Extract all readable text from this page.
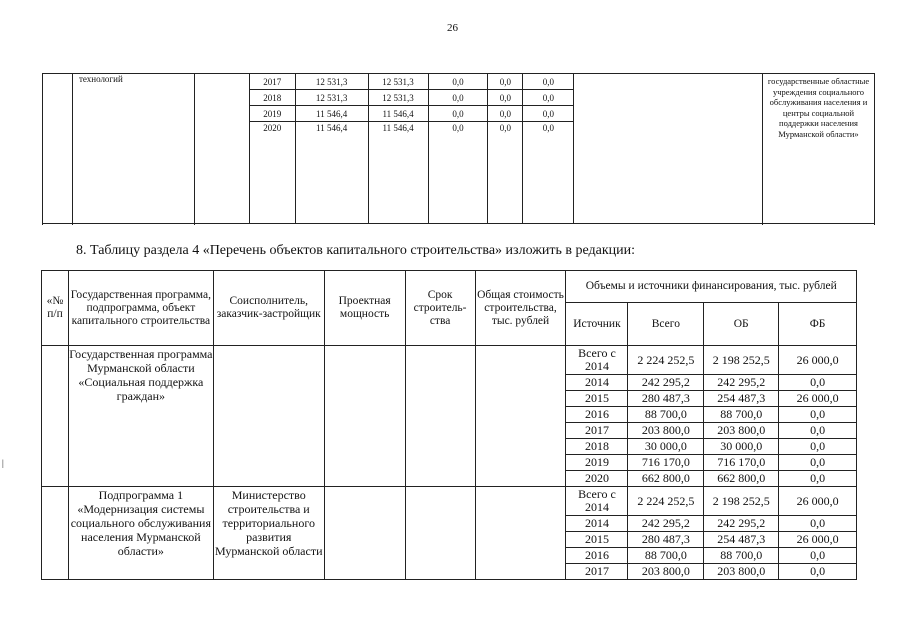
26
	технологий		2017	12 531,3	12 531,3	0,0	0,0	0,0		государственные областные учреждения социального обслуживания населения и центры социальной поддержки населения Мурманской области»
			2018	12 531,3	12 531,3	0,0	0,0	0,0		
			2019	11 546,4	11 546,4	0,0	0,0	0,0		
			2020	11 546,4	11 546,4	0,0	0,0	0,0		

8. Таблицу раздела 4 «Перечень объектов капитального строительства» изложить в редакции:
«№ п/п	Государственная программа, подпрограмма, объект капитального строительства	Соисполнитель, заказчик-застройщик	Проектная мощность	Срок строитель-ства	Общая стоимость строительства, тыс. рублей	Объемы и источники финансирования, тыс. рублей			
						Источник	Всего	ОБ	ФБ
	Государственная программа Мурманской области «Социальная поддержка граждан»					Всего с 2014	2 224 252,5	2 198 252,5	26 000,0
						2014	242 295,2	242 295,2	0,0
						2015	280 487,3	254 487,3	26 000,0
						2016	88 700,0	88 700,0	0,0
						2017	203 800,0	203 800,0	0,0
						2018	30 000,0	30 000,0	0,0
						2019	716 170,0	716 170,0	0,0
						2020	662 800,0	662 800,0	0,0
	Подпрограмма 1 «Модернизация системы социального обслуживания населения Мурманской области»	Министерство строительства и территориального развития Мурманской области				Всего с 2014	2 224 252,5	2 198 252,5	26 000,0
						2014	242 295,2	242 295,2	0,0
						2015	280 487,3	254 487,3	26 000,0
						2016	88 700,0	88 700,0	0,0
						2017	203 800,0	203 800,0	0,0
|
